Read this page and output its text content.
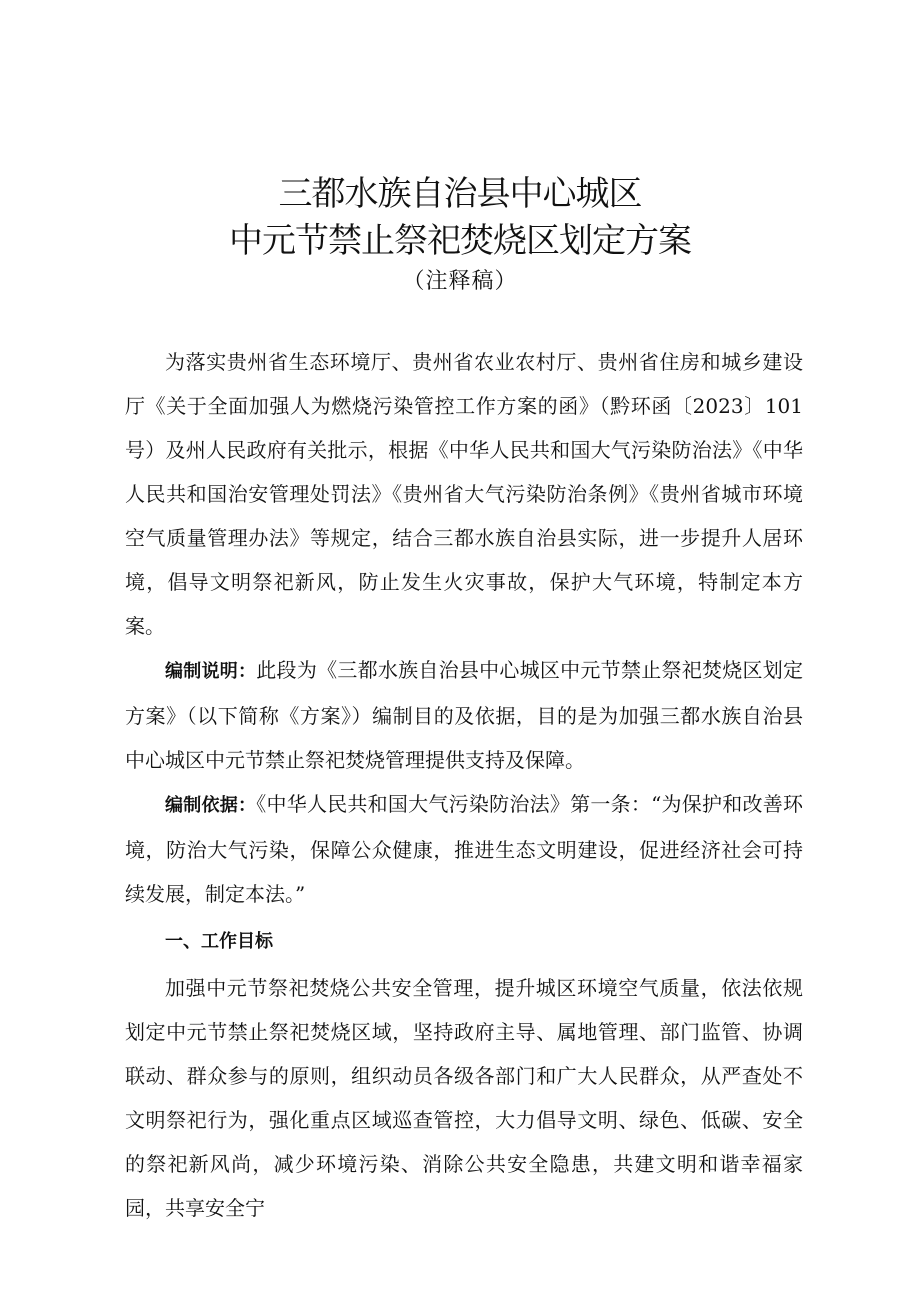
三都水族自治县中心城区
中元节禁止祭祀焚烧区划定方案
（注释稿）

为落实贵州省生态环境厅、贵州省农业农村厅、贵州省住房和城乡建设厅《关于全面加强人为燃烧污染管控工作方案的函》（黔环函〔2023〕101号）及州人民政府有关批示，根据《中华人民共和国大气污染防治法》《中华人民共和国治安管理处罚法》《贵州省大气污染防治条例》《贵州省城市环境空气质量管理办法》等规定，结合三都水族自治县实际，进一步提升人居环境，倡导文明祭祀新风，防止发生火灾事故，保护大气环境，特制定本方案。

编制说明：此段为《三都水族自治县中心城区中元节禁止祭祀焚烧区划定方案》（以下简称《方案》）编制目的及依据，目的是为加强三都水族自治县中心城区中元节禁止祭祀焚烧管理提供支持及保障。

编制依据：《中华人民共和国大气污染防治法》第一条：“为保护和改善环境，防治大气污染，保障公众健康，推进生态文明建设，促进经济社会可持续发展，制定本法。”

一、工作目标

加强中元节祭祀焚烧公共安全管理，提升城区环境空气质量，依法依规划定中元节禁止祭祀焚烧区域，坚持政府主导、属地管理、部门监管、协调联动、群众参与的原则，组织动员各级各部门和广大人民群众，从严查处不文明祭祀行为，强化重点区域巡查管控，大力倡导文明、绿色、低碳、安全的祭祀新风尚，减少环境污染、消除公共安全隐患，共建文明和谐幸福家园，共享安全宁
